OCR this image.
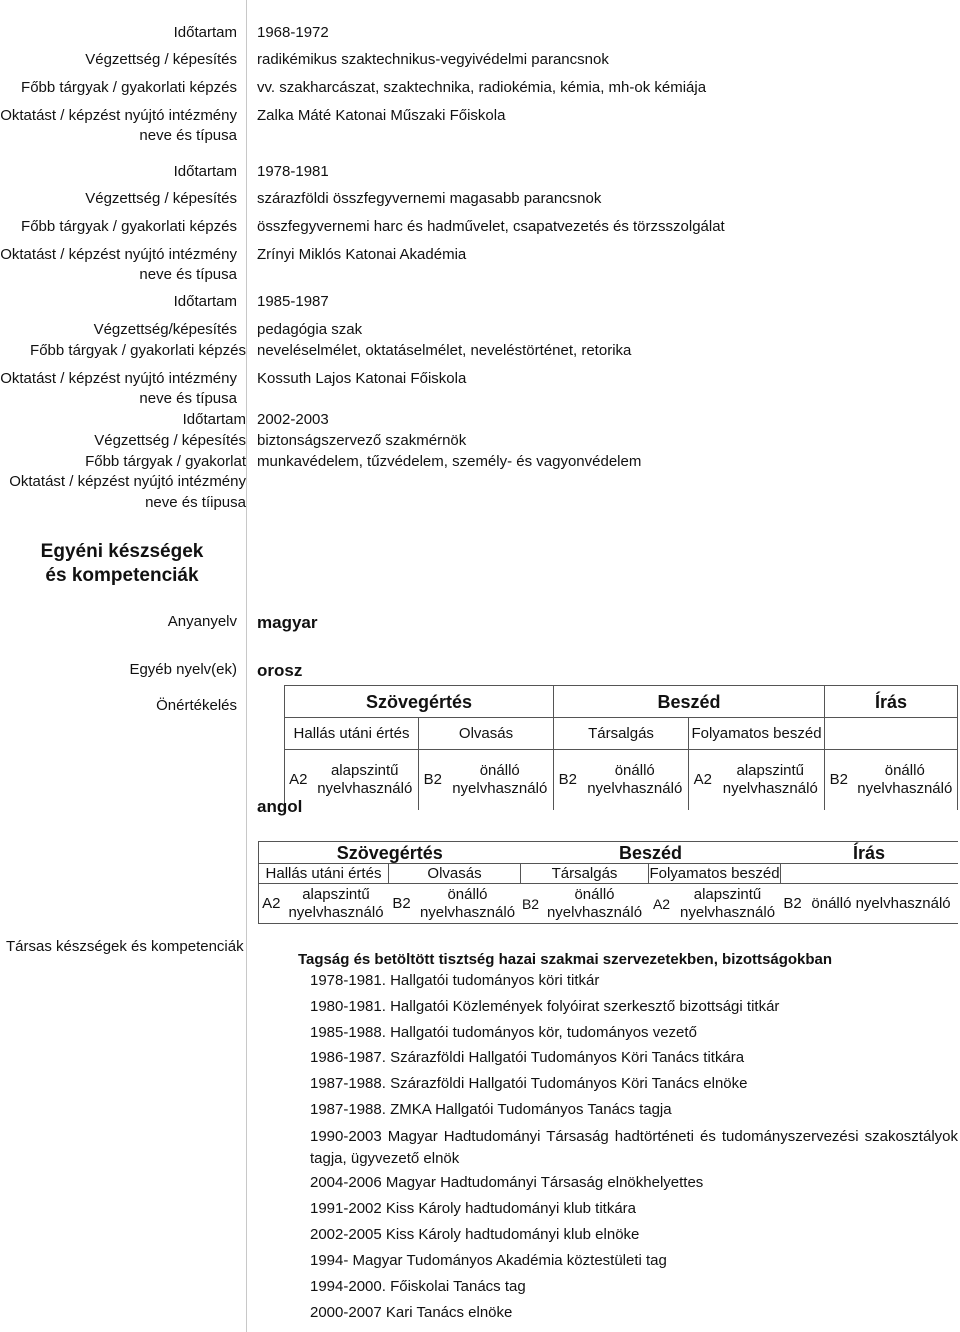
Időtartam 1968-1972
Végzettség / képesítés radikémikus szaktechnikus-vegyivédelmi parancsnok
Főbb tárgyak / gyakorlati képzés vv. szakharcászat, szaktechnika, radiokémia, kémia, mh-ok kémiája
Oktatást / képzést nyújtó intézmény Zalka Máté Katonai Műszaki Főiskola
neve és típusa
Időtartam 1978-1981
Végzettség / képesítés szárazföldi összfegyvernemi magasabb parancsnok
Főbb tárgyak / gyakorlati képzés összfegyvernemi harc és hadművelet, csapatvezetés és törzsszolgálat
Oktatást / képzést nyújtó intézmény Zrínyi Miklós Katonai Akadémia
neve és típusa
Időtartam 1985-1987
Végzettség/képesítés pedagógia szak
Főbb tárgyak / gyakorlati képzés neveléselmélet, oktatáselmélet, neveléstörténet, retorika
Oktatást / képzést nyújtó intézmény Kossuth Lajos Katonai Főiskola
neve és típusa
Időtartam 2002-2003
Végzettség / képesítés biztonságszervező szakmérnök
Főbb tárgyak / gyakorlat munkavédelem, tűzvédelem, személy- és vagyonvédelem
Oktatást / képzést nyújtó intézmény
neve és tíipusa
Egyéni készségek és kompetenciák
Anyanyelv magyar
Egyéb nyelv(ek) orosz
Önértékelés	Szövegértés				Beszéd				Írás	
Hallás utáni értés		Olvasás		Társalgás		Folyamatos beszéd			
A2	alapszintű nyelvhasználó	B2	önálló nyelvhasználó	B2	önálló nyelvhasználó	A2	alapszintű nyelvhasználó	B2	önálló nyelvhasználó
angol
Szövegértés				Beszéd				Írás	
Hallás utáni értés		Olvasás		Társalgás		Folyamatos beszéd			
A2	alapszintű nyelvhasználó	B2	önálló nyelvhasználó	B2	önálló nyelvhasználó	A2	alapszintű nyelvhasználó	B2	önálló nyelvhasználó
Társas készségek és kompetenciák
Tagság és betöltött tisztség hazai szakmai szervezetekben, bizottságokban
1978-1981. Hallgatói tudományos köri titkár
1980-1981. Hallgatói Közlemények folyóirat szerkesztő bizottsági titkár
1985-1988. Hallgatói tudományos kör, tudományos vezető
1986-1987. Szárazföldi Hallgatói Tudományos Köri Tanács titkára
1987-1988. Szárazföldi Hallgatói Tudományos Köri Tanács elnöke
1987-1988. ZMKA Hallgatói Tudományos Tanács tagja
1990-2003 Magyar Hadtudományi Társaság hadtörténeti és tudományszervezési szakosztályok tagja, ügyvezető elnök
2004-2006 Magyar Hadtudományi Társaság elnökhelyettes
1991-2002 Kiss Károly hadtudományi klub titkára
2002-2005 Kiss Károly hadtudományi klub elnöke
1994- Magyar Tudományos Akadémia köztestületi tag
1994-2000. Főiskolai Tanács tag
2000-2007 Kari Tanács elnöke
